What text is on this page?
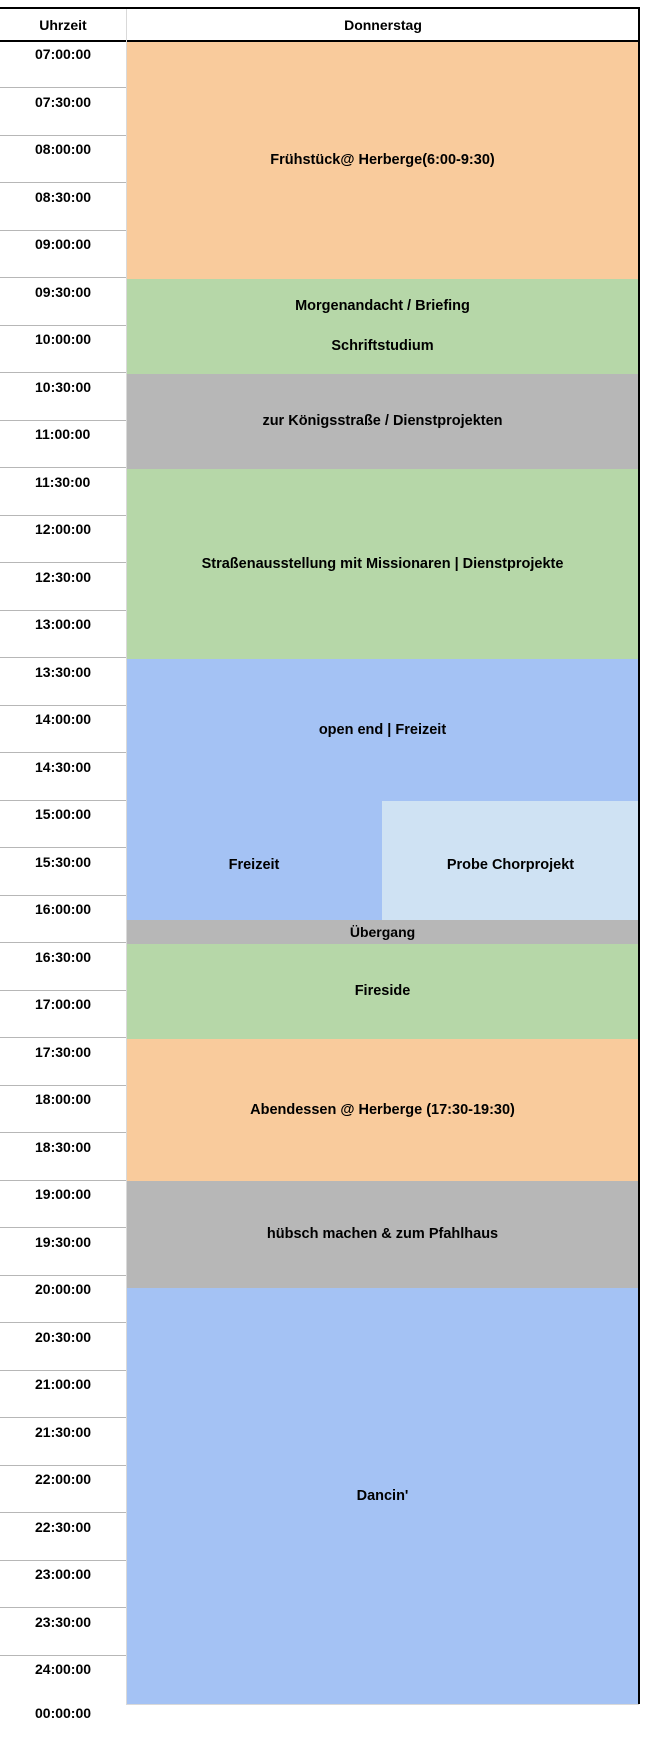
Uhrzeit	Donnerstag
07:00:00
07:30:00
08:00:00
08:30:00
09:00:00
09:30:00
10:00:00
10:30:00
11:00:00
11:30:00
12:00:00
12:30:00
13:00:00
13:30:00
14:00:00
14:30:00
15:00:00
15:30:00
16:00:00
16:30:00
17:00:00
17:30:00
18:00:00
18:30:00
19:00:00
19:30:00
20:00:00
20:30:00
21:00:00
21:30:00
22:00:00
22:30:00
23:00:00
23:30:00
24:00:00
00:00:00
Frühstück@ Herberge(6:00-9:30)
Morgenandacht / Briefing
Schriftstudium
zur Königsstraße / Dienstprojekten
Straßenausstellung mit Missionaren | Dienstprojekte
open end | Freizeit
Freizeit	Probe Chorprojekt
Übergang
Fireside
Abendessen @ Herberge (17:30-19:30)
hübsch machen & zum Pfahlhaus
Dancin'
